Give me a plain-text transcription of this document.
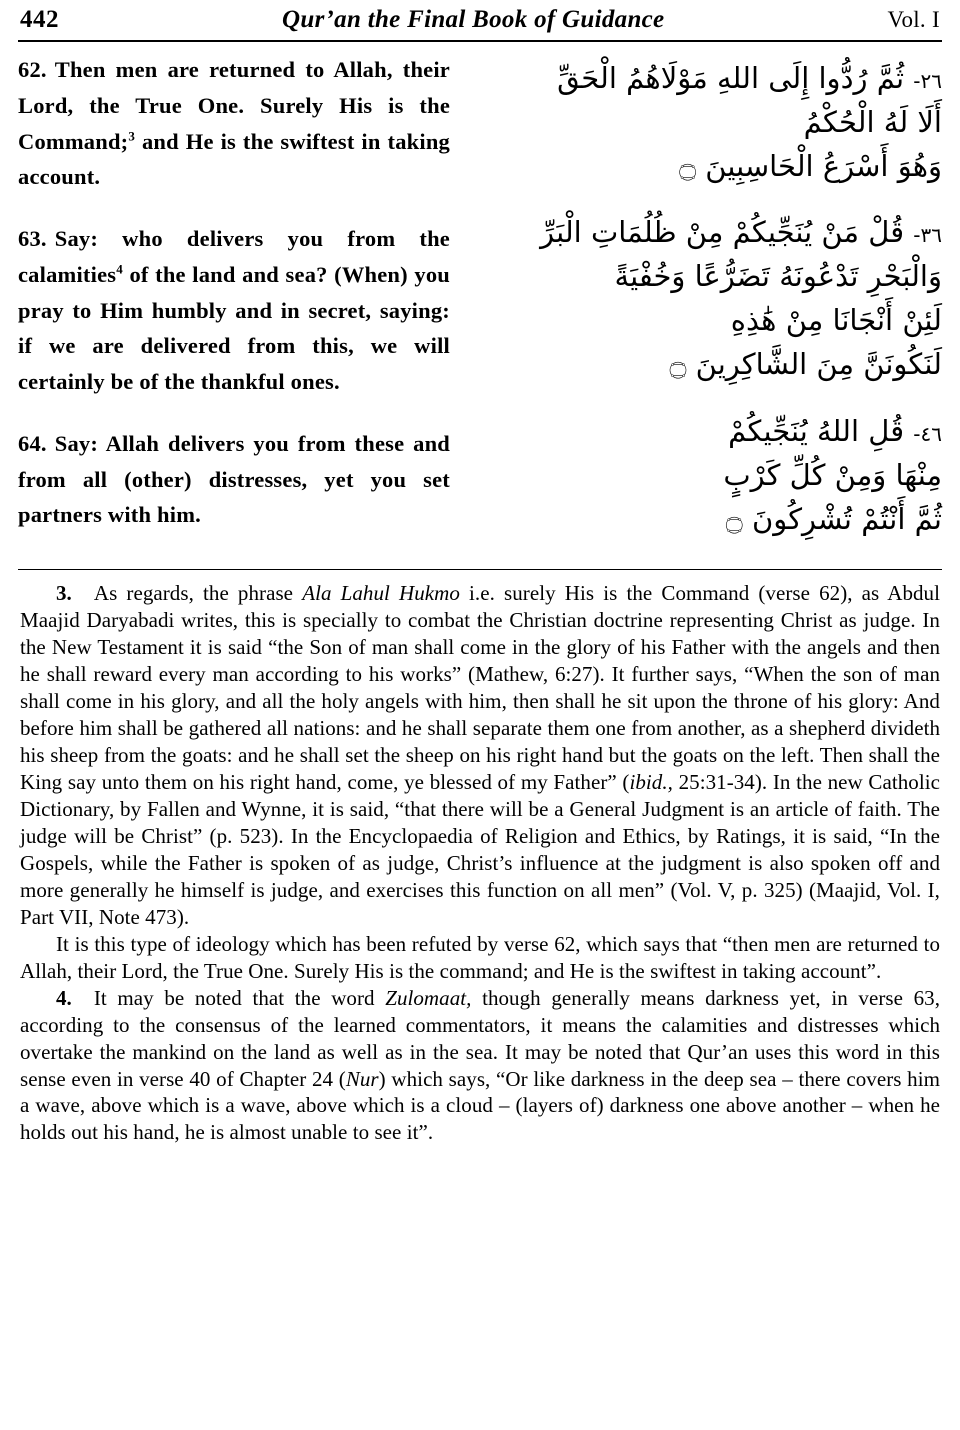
442	Qur’an the Final Book of Guidance	Vol. I

62. Then men are returned to Allah, their Lord, the True One. Surely His is the Command;$^3$ and He is the swiftest in taking account.

63. Say: who delivers you from the calamities$^4$ of the land and sea? (When) you pray to Him humbly and in secret, saying: if we are delivered from this, we will certainly be of the thankful ones.

64. Say: Allah delivers you from these and from all (other) distresses, yet you set partners with him.

٦٢- ثُمَّ رُدُّوا إِلَى اللهِ مَوْلَاهُمُ الْحَقِّ
أَلَا لَهُ الْحُكْمُ
وَهُوَ أَسْرَعُ الْحَاسِبِينَ ۝
٦٣- قُلْ مَنْ يُنَجِّيكُمْ مِنْ ظُلُمَاتِ الْبَرِّ
وَالْبَحْرِ تَدْعُونَهُ تَضَرُّعًا وَخُفْيَةً
لَئِنْ أَنْجَانَا مِنْ هَٰذِهِ
لَنَكُونَنَّ مِنَ الشَّاكِرِينَ ۝
٦٤- قُلِ اللهُ يُنَجِّيكُمْ
مِنْهَا وَمِنْ كُلِّ كَرْبٍ
ثُمَّ أَنْتُمْ تُشْرِكُونَ ۝

3. As regards, the phrase Ala Lahul Hukmo i.e. surely His is the Command (verse 62), as Abdul Maajid Daryabadi writes, this is specially to combat the Christian doctrine representing Christ as judge. In the New Testament it is said “the Son of man shall come in the glory of his Father with the angels and then he shall reward every man according to his works” (Mathew, 6:27). It further says, “When the son of man shall come in his glory, and all the holy angels with him, then shall he sit upon the throne of his glory: And before him shall be gathered all nations: and he shall separate them one from another, as a shepherd divideth his sheep from the goats: and he shall set the sheep on his right hand but the goats on the left. Then shall the King say unto them on his right hand, come, ye blessed of my Father” (ibid., 25:31-34). In the new Catholic Dictionary, by Fallen and Wynne, it is said, “that there will be a General Judgment is an article of faith. The judge will be Christ” (p. 523). In the Encyclopaedia of Religion and Ethics, by Ratings, it is said, “In the Gospels, while the Father is spoken of as judge, Christ’s influence at the judgment is also spoken off and more generally he himself is judge, and exercises this function on all men” (Vol. V, p. 325) (Maajid, Vol. I, Part VII, Note 473).

It is this type of ideology which has been refuted by verse 62, which says that “then men are returned to Allah, their Lord, the True One. Surely His is the command; and He is the swiftest in taking account”.

4. It may be noted that the word Zulomaat, though generally means darkness yet, in verse 63, according to the consensus of the learned commentators, it means the calamities and distresses which overtake the mankind on the land as well as in the sea. It may be noted that Qur’an uses this word in this sense even in verse 40 of Chapter 24 (Nur) which says, “Or like darkness in the deep sea – there covers him a wave, above which is a wave, above which is a cloud – (layers of) darkness one above another – when he holds out his hand, he is almost unable to see it”.
